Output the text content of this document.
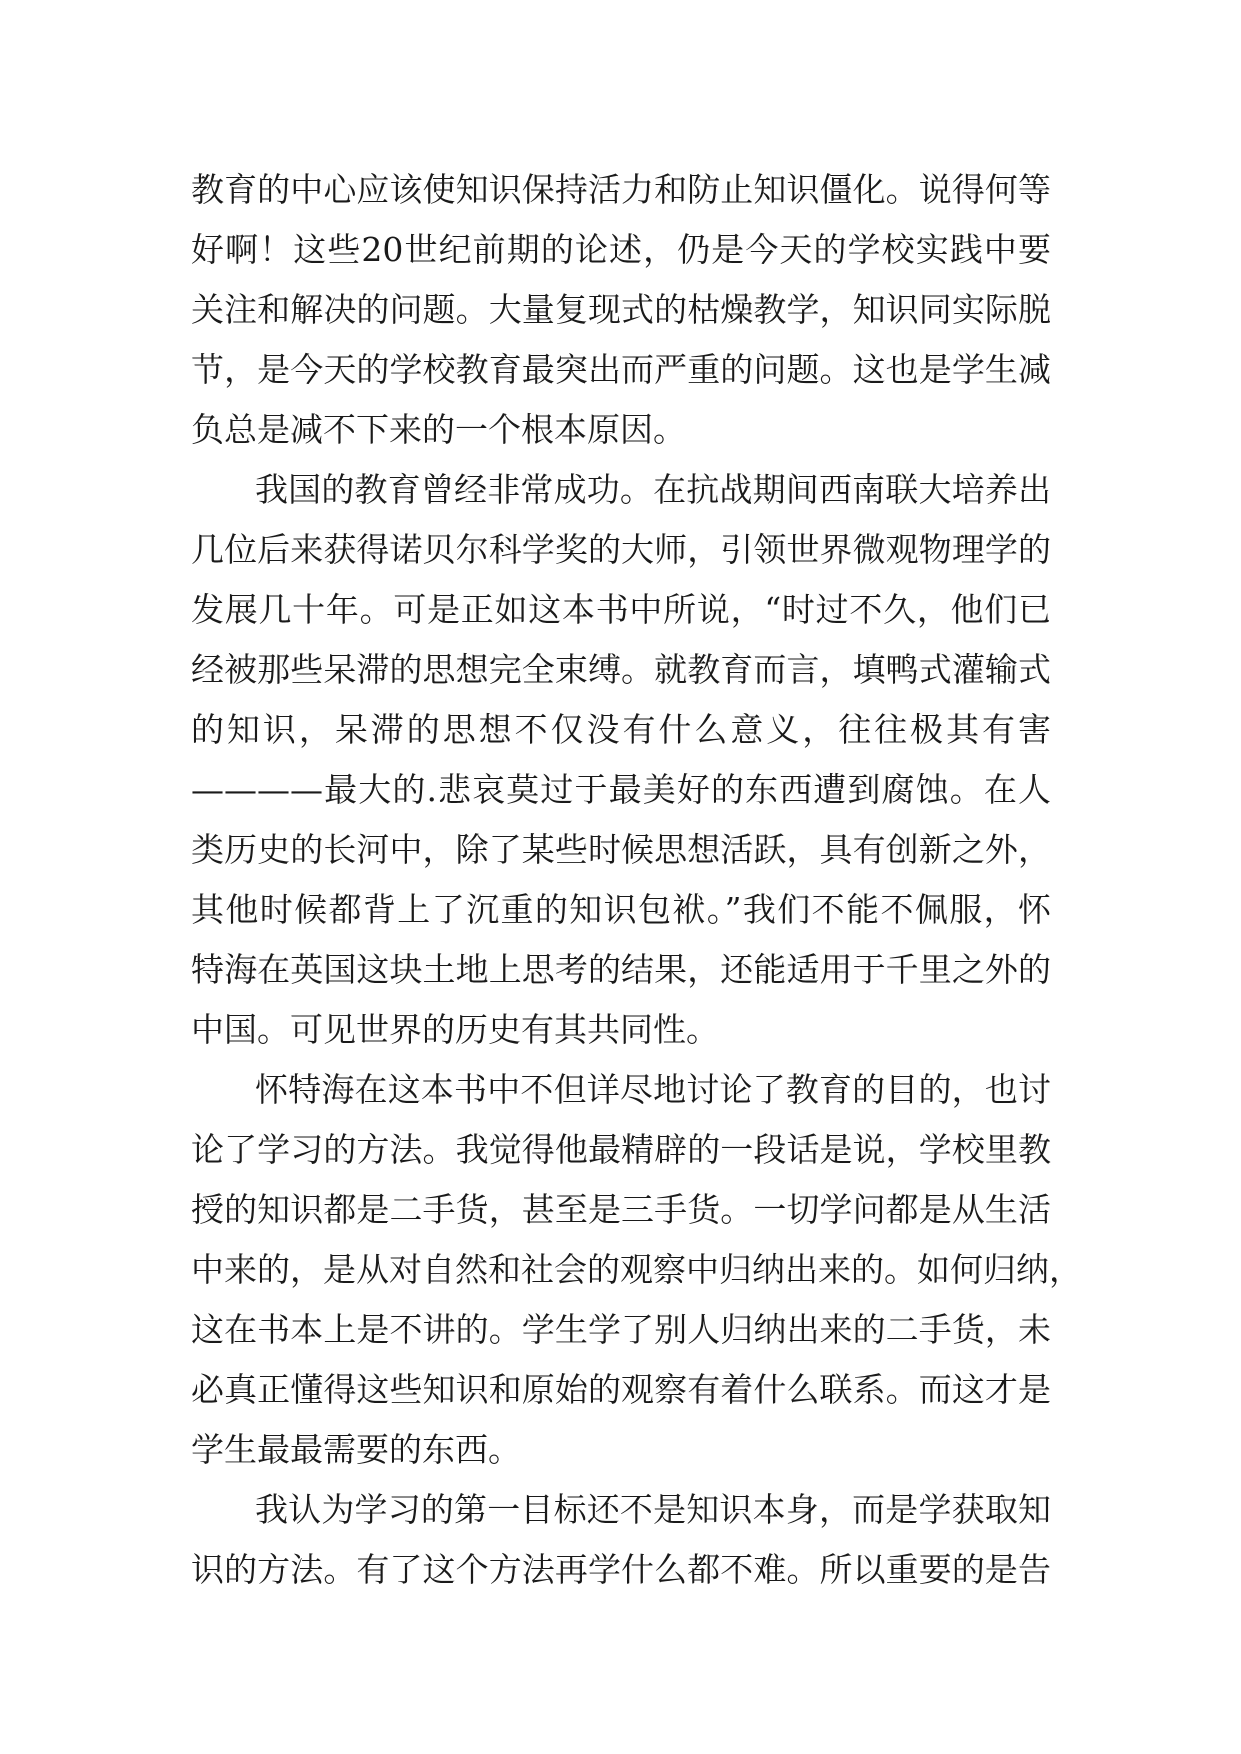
教育的中心应该使知识保持活力和防止知识僵化。说得何等
好啊！这些20世纪前期的论述，仍是今天的学校实践中要
关注和解决的问题。大量复现式的枯燥教学，知识同实际脱
节，是今天的学校教育最突出而严重的问题。这也是学生减
负总是减不下来的一个根本原因。
我国的教育曾经非常成功。在抗战期间西南联大培养出
几位后来获得诺贝尔科学奖的大师，引领世界微观物理学的
发展几十年。可是正如这本书中所说，“时过不久，他们已
经被那些呆滞的思想完全束缚。就教育而言，填鸭式灌输式
的知识，呆滞的思想不仅没有什么意义，往往极其有害
————最大的.悲哀莫过于最美好的东西遭到腐蚀。在人
类历史的长河中，除了某些时候思想活跃，具有创新之外，
其他时候都背上了沉重的知识包袱。”我们不能不佩服，怀
特海在英国这块土地上思考的结果，还能适用于千里之外的
中国。可见世界的历史有其共同性。
怀特海在这本书中不但详尽地讨论了教育的目的，也讨
论了学习的方法。我觉得他最精辟的一段话是说，学校里教
授的知识都是二手货，甚至是三手货。一切学问都是从生活
中来的，是从对自然和社会的观察中归纳出来的。如何归纳，
这在书本上是不讲的。学生学了别人归纳出来的二手货，未
必真正懂得这些知识和原始的观察有着什么联系。而这才是
学生最最需要的东西。
我认为学习的第一目标还不是知识本身，而是学获取知
识的方法。有了这个方法再学什么都不难。所以重要的是告
